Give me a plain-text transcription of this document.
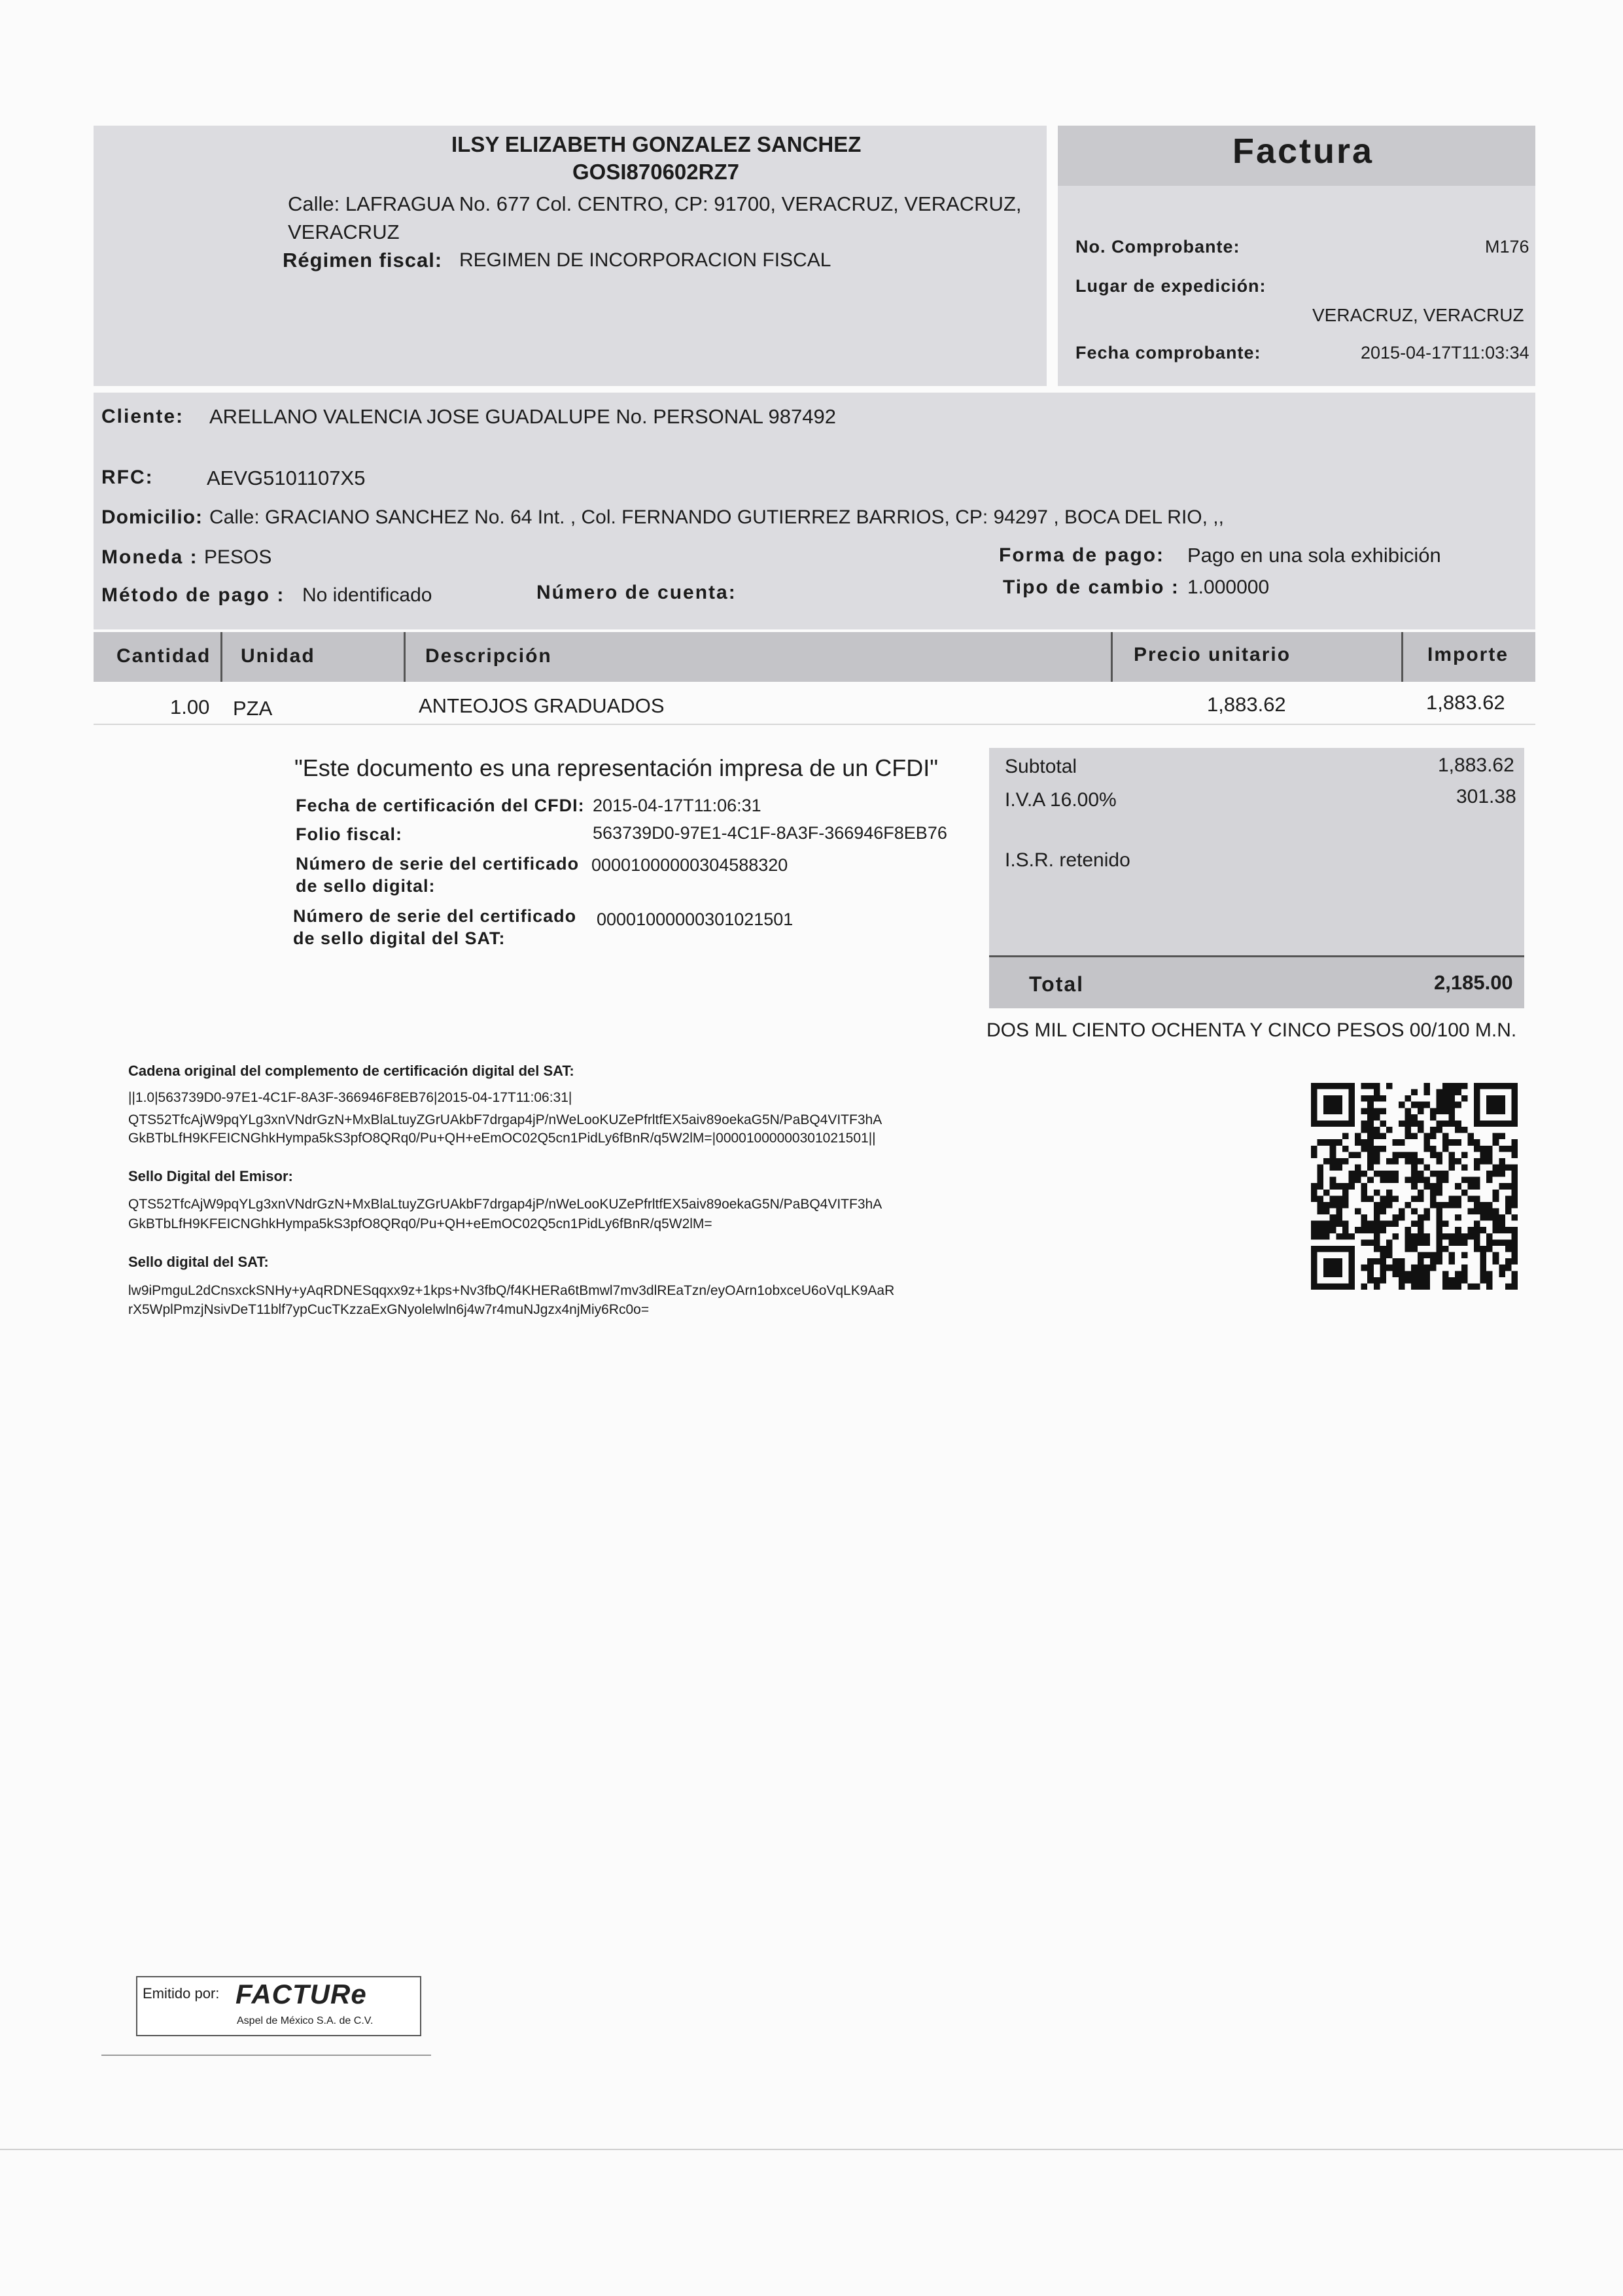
ILSY ELIZABETH GONZALEZ SANCHEZ
GOSI870602RZ7
Calle: LAFRAGUA No. 677 Col. CENTRO, CP: 91700, VERACRUZ, VERACRUZ,
VERACRUZ
Régimen fiscal: REGIMEN DE INCORPORACION FISCAL
Factura
No. Comprobante:	M176
Lugar de expedición:
VERACRUZ, VERACRUZ
Fecha comprobante:	2015-04-17T11:03:34
Cliente: ARELLANO VALENCIA JOSE GUADALUPE No. PERSONAL 987492
RFC:	AEVG5101107X5
Domicilio: Calle: GRACIANO SANCHEZ No. 64 Int. , Col. FERNANDO GUTIERREZ BARRIOS, CP: 94297 , BOCA DEL RIO, ,,
Moneda : PESOS	Forma de pago: Pago en una sola exhibición
Método de pago : No identificado	Número de cuenta:	Tipo de cambio : 1.000000
Cantidad Unidad	Descripción	Precio unitario	Importe
1.00 PZA	ANTEOJOS GRADUADOS	1,883.62	1,883.62
"Este documento es una representación impresa de un CFDI"
Fecha de certificación del CFDI: 2015-04-17T11:06:31
Folio fiscal:	563739D0-97E1-4C1F-8A3F-366946F8EB76
Número de serie del certificado
de sello digital:
00001000000304588320
Número de serie del certificado
de sello digital del SAT:
00001000000301021501
Subtotal	1,883.62
I.V.A 16.00%	301.38
I.S.R. retenido
Total	2,185.00
DOS MIL CIENTO OCHENTA Y CINCO PESOS 00/100 M.N.
Cadena original del complemento de certificación digital del SAT:
||1.0|563739D0-97E1-4C1F-8A3F-366946F8EB76|2015-04-17T11:06:31|
QTS52TfcAjW9pqYLg3xnVNdrGzN+MxBlaLtuyZGrUAkbF7drgap4jP/nWeLooKUZePfrltfEX5aiv89oekaG5N/PaBQ4VITF3hA
GkBTbLfH9KFEICNGhkHympa5kS3pfO8QRq0/Pu+QH+eEmOC02Q5cn1PidLy6fBnR/q5W2lM=|00001000000301021501||
Sello Digital del Emisor:
QTS52TfcAjW9pqYLg3xnVNdrGzN+MxBlaLtuyZGrUAkbF7drgap4jP/nWeLooKUZePfrltfEX5aiv89oekaG5N/PaBQ4VITF3hA
GkBTbLfH9KFEICNGhkHympa5kS3pfO8QRq0/Pu+QH+eEmOC02Q5cn1PidLy6fBnR/q5W2lM=
Sello digital del SAT:
lw9iPmguL2dCnsxckSNHy+yAqRDNESqqxx9z+1kps+Nv3fbQ/f4KHERa6tBmwl7mv3dlREaTzn/eyOArn1obxceU6oVqLK9AaR
rX5WplPmzjNsivDeT11blf7ypCucTKzzaExGNyolelwln6j4w7r4muNJgzx4njMiy6Rc0o=
Emitido por: FACTURe
Aspel de México S.A. de C.V.
